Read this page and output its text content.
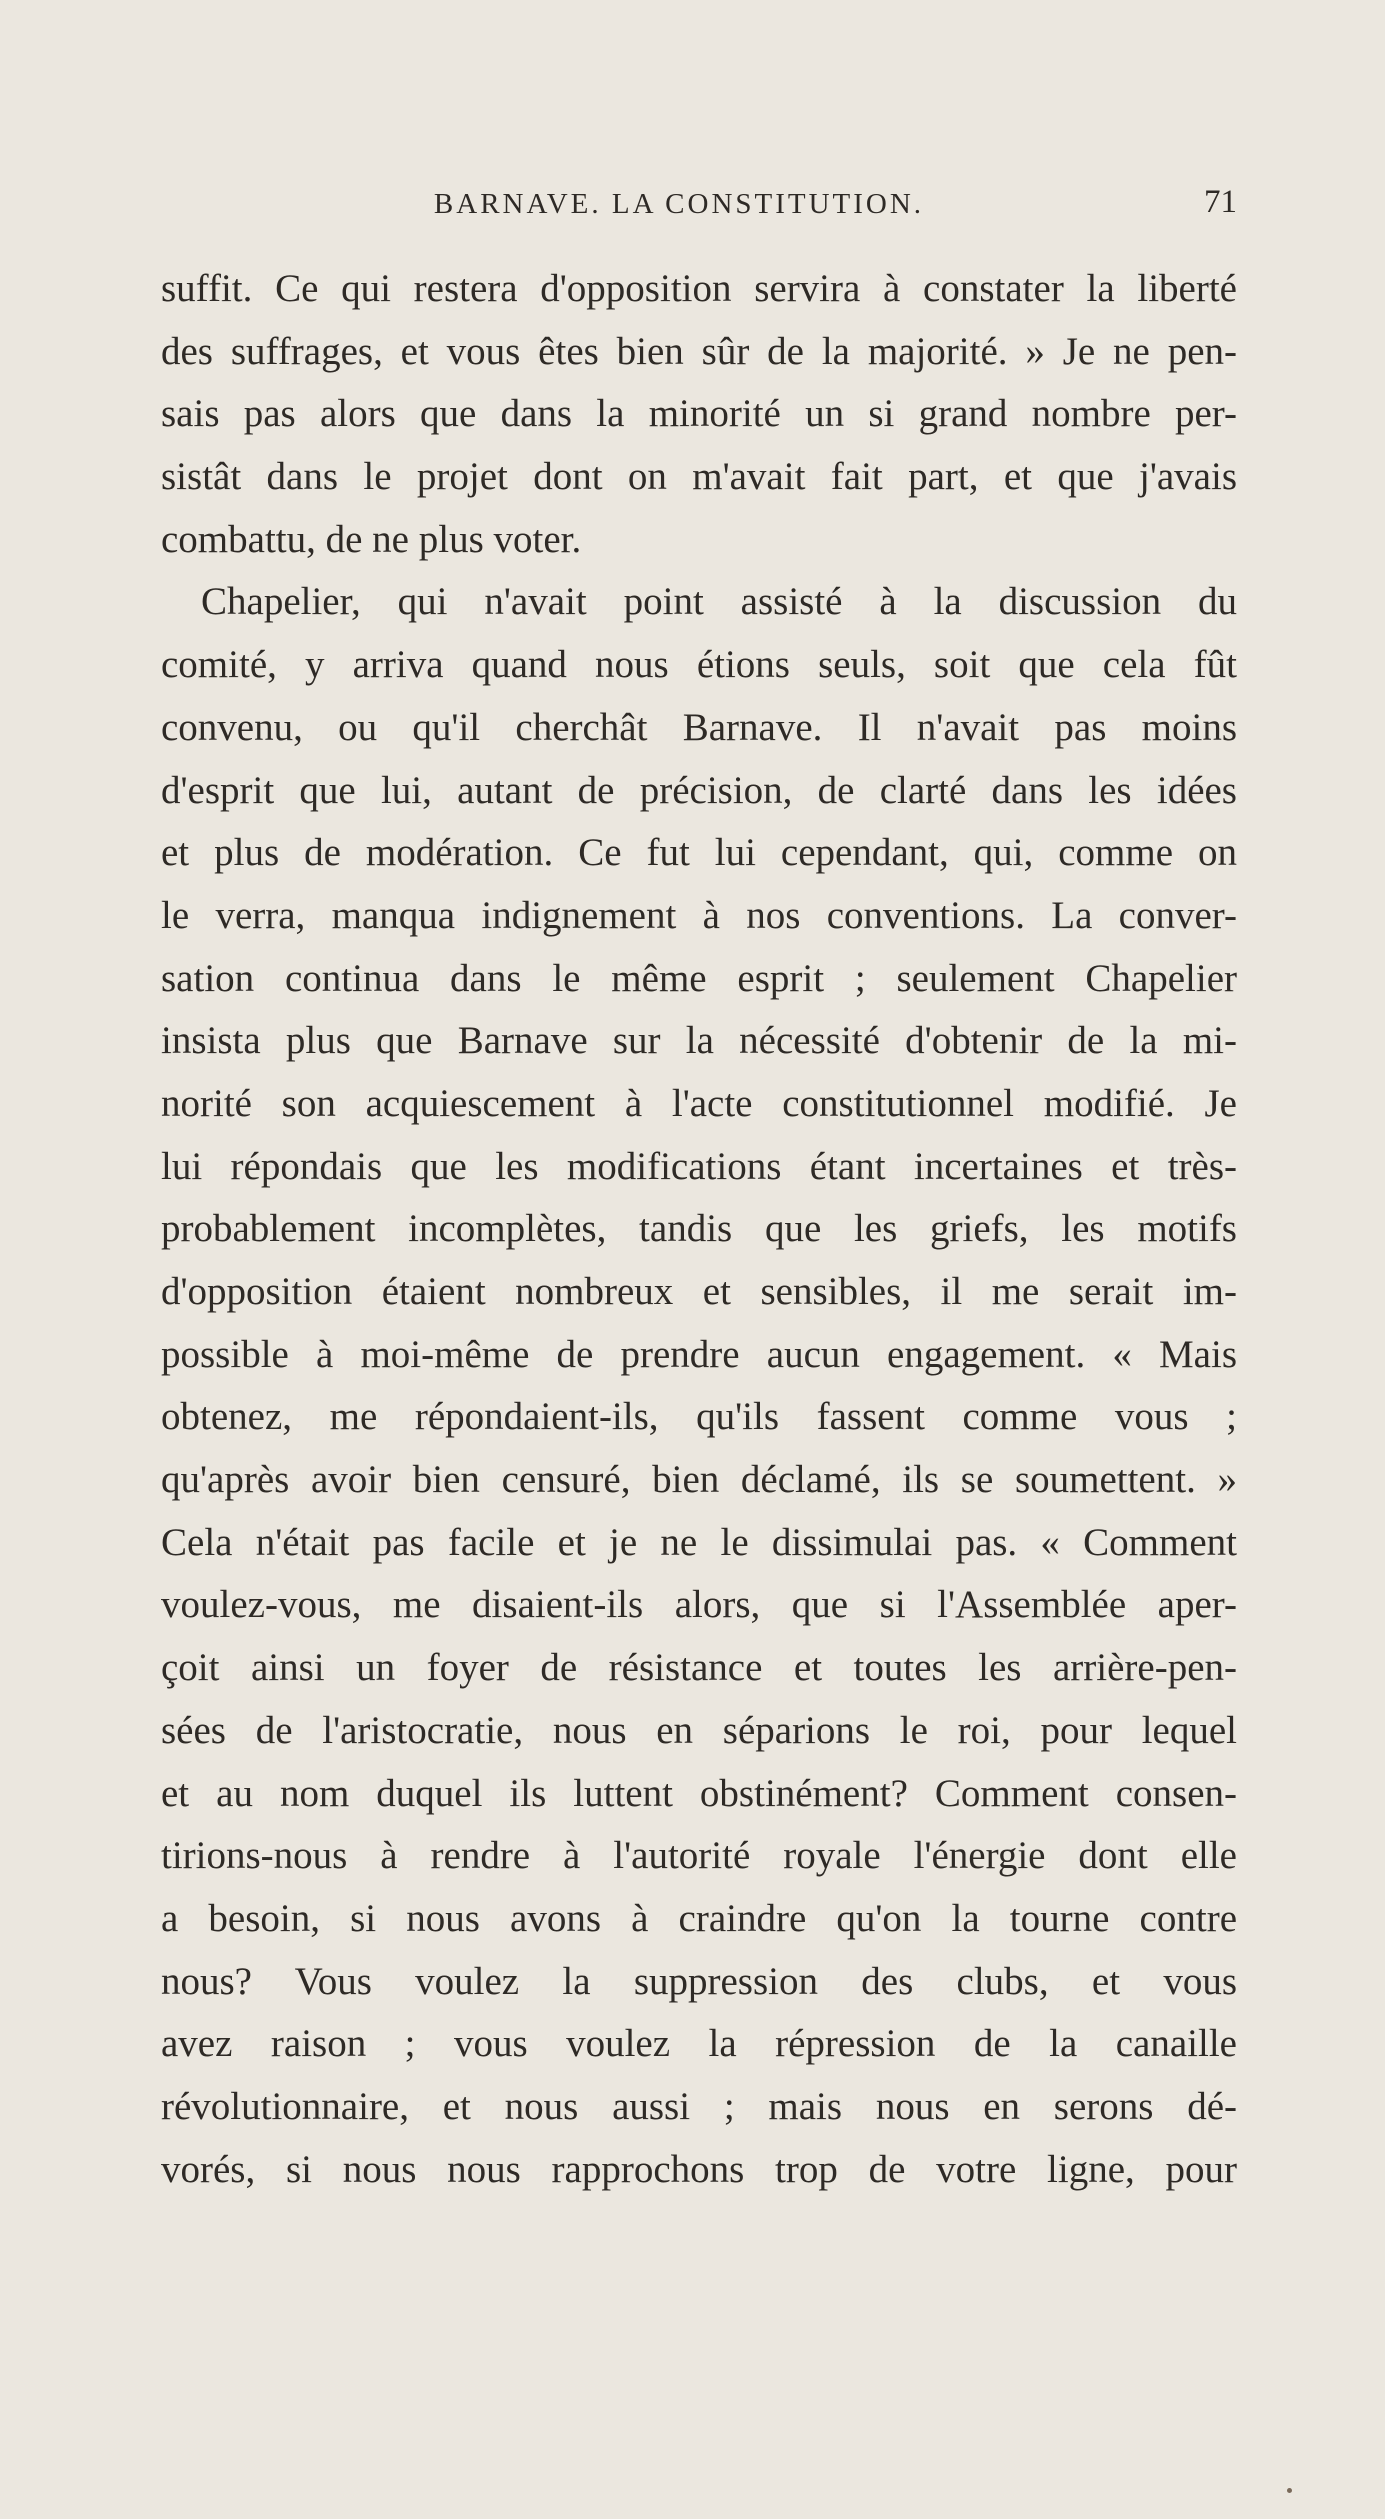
BARNAVE. LA CONSTITUTION.	71
suffit. Ce qui restera d'opposition servira à constater la liberté
des suffrages, et vous êtes bien sûr de la majorité. » Je ne pen-
sais pas alors que dans la minorité un si grand nombre per-
sistât dans le projet dont on m'avait fait part, et que j'avais
combattu, de ne plus voter.
Chapelier, qui n'avait point assisté à la discussion du
comité, y arriva quand nous étions seuls, soit que cela fût
convenu, ou qu'il cherchât Barnave. Il n'avait pas moins
d'esprit que lui, autant de précision, de clarté dans les idées
et plus de modération. Ce fut lui cependant, qui, comme on
le verra, manqua indignement à nos conventions. La conver-
sation continua dans le même esprit ; seulement Chapelier
insista plus que Barnave sur la nécessité d'obtenir de la mi-
norité son acquiescement à l'acte constitutionnel modifié. Je
lui répondais que les modifications étant incertaines et très-
probablement incomplètes, tandis que les griefs, les motifs
d'opposition étaient nombreux et sensibles, il me serait im-
possible à moi-même de prendre aucun engagement. « Mais
obtenez, me répondaient-ils, qu'ils fassent comme vous ;
qu'après avoir bien censuré, bien déclamé, ils se soumettent. »
Cela n'était pas facile et je ne le dissimulai pas. « Comment
voulez-vous, me disaient-ils alors, que si l'Assemblée aper-
çoit ainsi un foyer de résistance et toutes les arrière-pen-
sées de l'aristocratie, nous en séparions le roi, pour lequel
et au nom duquel ils luttent obstinément? Comment consen-
tirions-nous à rendre à l'autorité royale l'énergie dont elle
a besoin, si nous avons à craindre qu'on la tourne contre
nous? Vous voulez la suppression des clubs, et vous
avez raison ; vous voulez la répression de la canaille
révolutionnaire, et nous aussi ; mais nous en serons dé-
vorés, si nous nous rapprochons trop de votre ligne, pour
